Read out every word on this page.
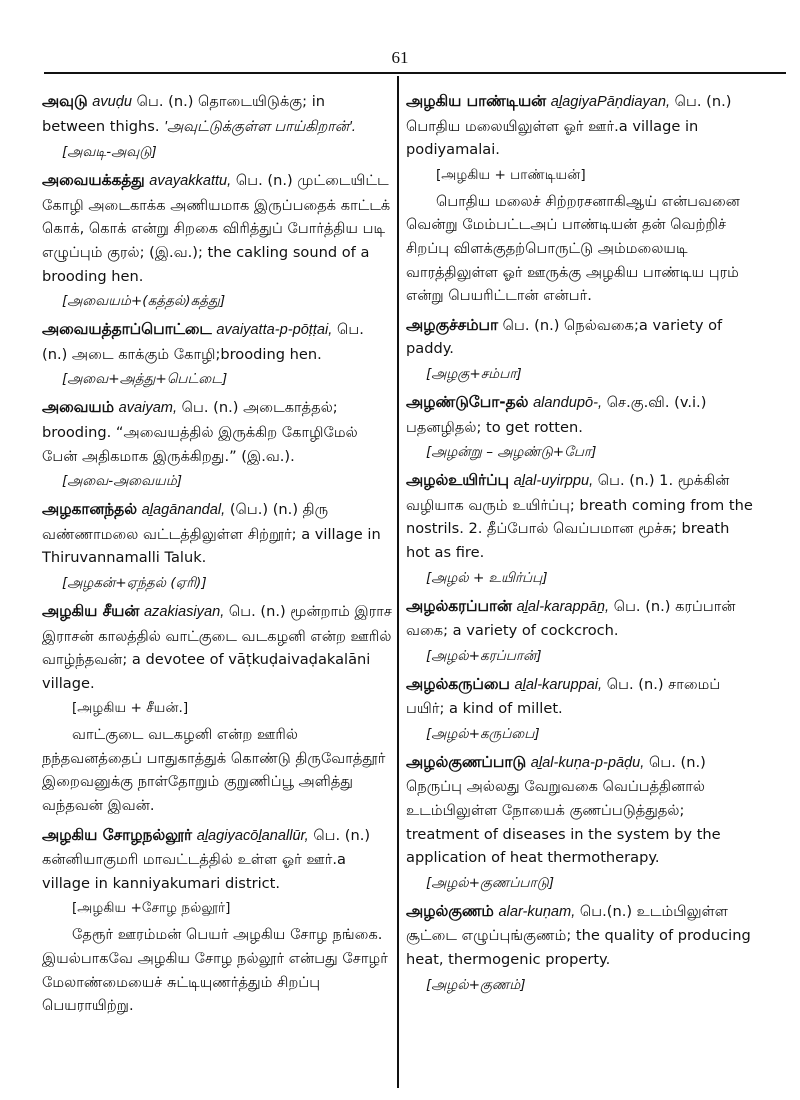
61

அவுடு avuḍu பெ. (n.) தொடையிடுக்கு; in between thighs. 'அவுட்டுக்குள்ள பாய்கிறான்'.

[அவடி-அவுடு]

அவையக்கத்து avayakkattu, பெ. (n.) முட்டையிட்ட கோழி அடைகாக்க அணியமாக இருப்பதைக் காட்டக் கொக், கொக் என்று சிறகை விரித்துப் போர்த்திய படி எழுப்பும் குரல்; (இ.வ.); the cakling sound of a brooding hen.

[அவையம்+(கத்தல்)கத்து]

அவையத்தாப்பொட்டை avaiyatta-p-pōṭṭai, பெ. (n.) அடை காக்கும் கோழி;brooding hen.

[அவை+அத்து+பெட்டை]

அவையம் avaiyam, பெ. (n.) அடைகாத்தல்; brooding. “அவையத்தில் இருக்கிற கோழிமேல் பேன் அதிகமாக இருக்கிறது.” (இ.வ.).

[அவை-அவையம்]

அழகானந்தல் aḻagānandal, (பெ.) (n.) திரு வண்ணாமலை வட்டத்திலுள்ள சிற்றூர்; a village in Thiruvannamalli Taluk.

[அழகன்+ஏந்தல் (ஏரி)]

அழகிய சீயன் azakiasiyan, பெ. (n.) மூன்றாம் இராச இராசன் காலத்தில் வாட்குடை வடகழனி என்ற ஊரில் வாழ்ந்தவன்; a devotee of vāṭkuḍaivaḍakalāni village.

[அழகிய + சீயன்.]

வாட்குடை வடகழனி என்ற ஊரில் நந்தவனத்தைப் பாதுகாத்துக் கொண்டு திருவோத்தூர் இறைவனுக்கு நாள்தோறும் குறுணிப்பூ அளித்து வந்தவன் இவன்.

அழகிய சோழநல்லூர் aḻagiyacōḻanallūr, பெ. (n.) கன்னியாகுமரி மாவட்டத்தில் உள்ள ஓர் ஊர்.a village in kanniyakumari district.

[அழகிய +சோழ நல்லூர்]

தேரூர் ஊரம்மன் பெயர் அழகிய சோழ நங்கை. இயல்பாகவே அழகிய சோழ நல்லூர் என்பது சோழர் மேலாண்மையைச் சுட்டியுணர்த்தும் சிறப்பு பெயராயிற்று.

அழகிய பாண்டியன் aḻagiyaPāṇdiayan, பெ. (n.) பொதிய மலையிலுள்ள ஓர் ஊர்.a village in podiyamalai.

[அழகிய + பாண்டியன்]

பொதிய மலைச் சிற்றரசனாகிஆய் என்பவனை வென்று மேம்பட்டஅப் பாண்டியன் தன் வெற்றிச் சிறப்பு விளக்குதற்பொருட்டு அம்மலையடி வாரத்திலுள்ள ஓர் ஊருக்கு அழகிய பாண்டிய புரம் என்று பெயரிட்டான் என்பர்.

அழகுச்சம்பா பெ. (n.) நெல்வகை;a variety of paddy.

[அழகு+சம்பா]

அழண்டுபோ-தல் alandupō-, செ.கு.வி. (v.i.) பதனழிதல்; to get rotten.

[அழன்று – அழண்டு+போ]

அழல்உயிர்ப்பு aḻal-uyirppu, பெ. (n.) 1. மூக்கின் வழியாக வரும் உயிர்ப்பு; breath coming from the nostrils. 2. தீப்போல் வெப்பமான மூச்சு; breath hot as fire.

[அழல் + உயிர்ப்பு]

அழல்கரப்பான் aḻal-karappāṉ, பெ. (n.) கரப்பான் வகை; a variety of cockcroch.

[அழல்+கரப்பான்]

அழல்கருப்பை aḻal-karuppai, பெ. (n.) சாமைப் பயிர்; a kind of millet.

[அழல்+கருப்பை]

அழல்குணப்பாடு aḻal-kuṇa-p-pāḍu, பெ. (n.) நெருப்பு அல்லது வேறுவகை வெப்பத்தினால் உடம்பிலுள்ள நோயைக் குணப்படுத்துதல்; treatment of diseases in the system by the application of heat thermotherapy.

[அழல்+குணப்பாடு]

அழல்குணம் alar-kuṇam, பெ.(n.) உடம்பிலுள்ள சூட்டை எழுப்புங்குணம்; the quality of producing heat, thermogenic property.

[அழல்+குணம்]
